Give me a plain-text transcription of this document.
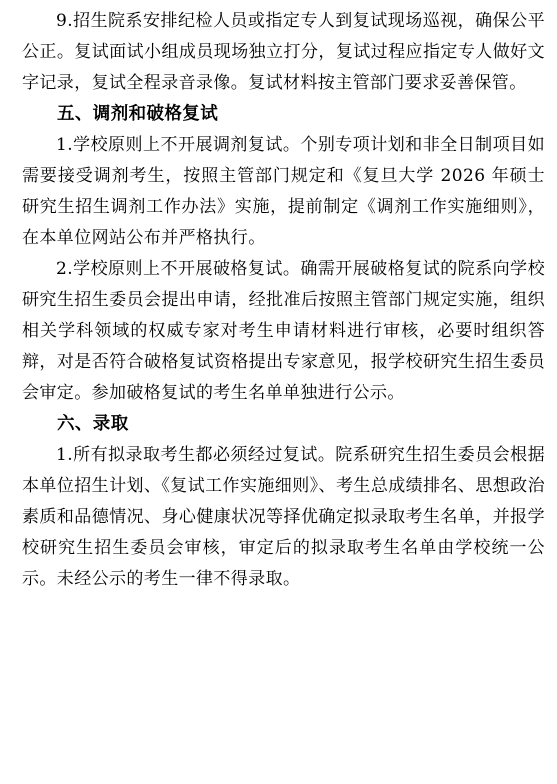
9.招生院系安排纪检人员或指定专人到复试现场巡视，确保公平公正。复试面试小组成员现场独立打分，复试过程应指定专人做好文字记录，复试全程录音录像。复试材料按主管部门要求妥善保管。

五、调剂和破格复试

1.学校原则上不开展调剂复试。个别专项计划和非全日制项目如需要接受调剂考生，按照主管部门规定和《复旦大学 2026 年硕士研究生招生调剂工作办法》实施，提前制定《调剂工作实施细则》，在本单位网站公布并严格执行。

2.学校原则上不开展破格复试。确需开展破格复试的院系向学校研究生招生委员会提出申请，经批准后按照主管部门规定实施，组织相关学科领域的权威专家对考生申请材料进行审核，必要时组织答辩，对是否符合破格复试资格提出专家意见，报学校研究生招生委员会审定。参加破格复试的考生名单单独进行公示。

六、录取

1.所有拟录取考生都必须经过复试。院系研究生招生委员会根据本单位招生计划、《复试工作实施细则》、考生总成绩排名、思想政治素质和品德情况、身心健康状况等择优确定拟录取考生名单，并报学校研究生招生委员会审核，审定后的拟录取考生名单由学校统一公示。未经公示的考生一律不得录取。
